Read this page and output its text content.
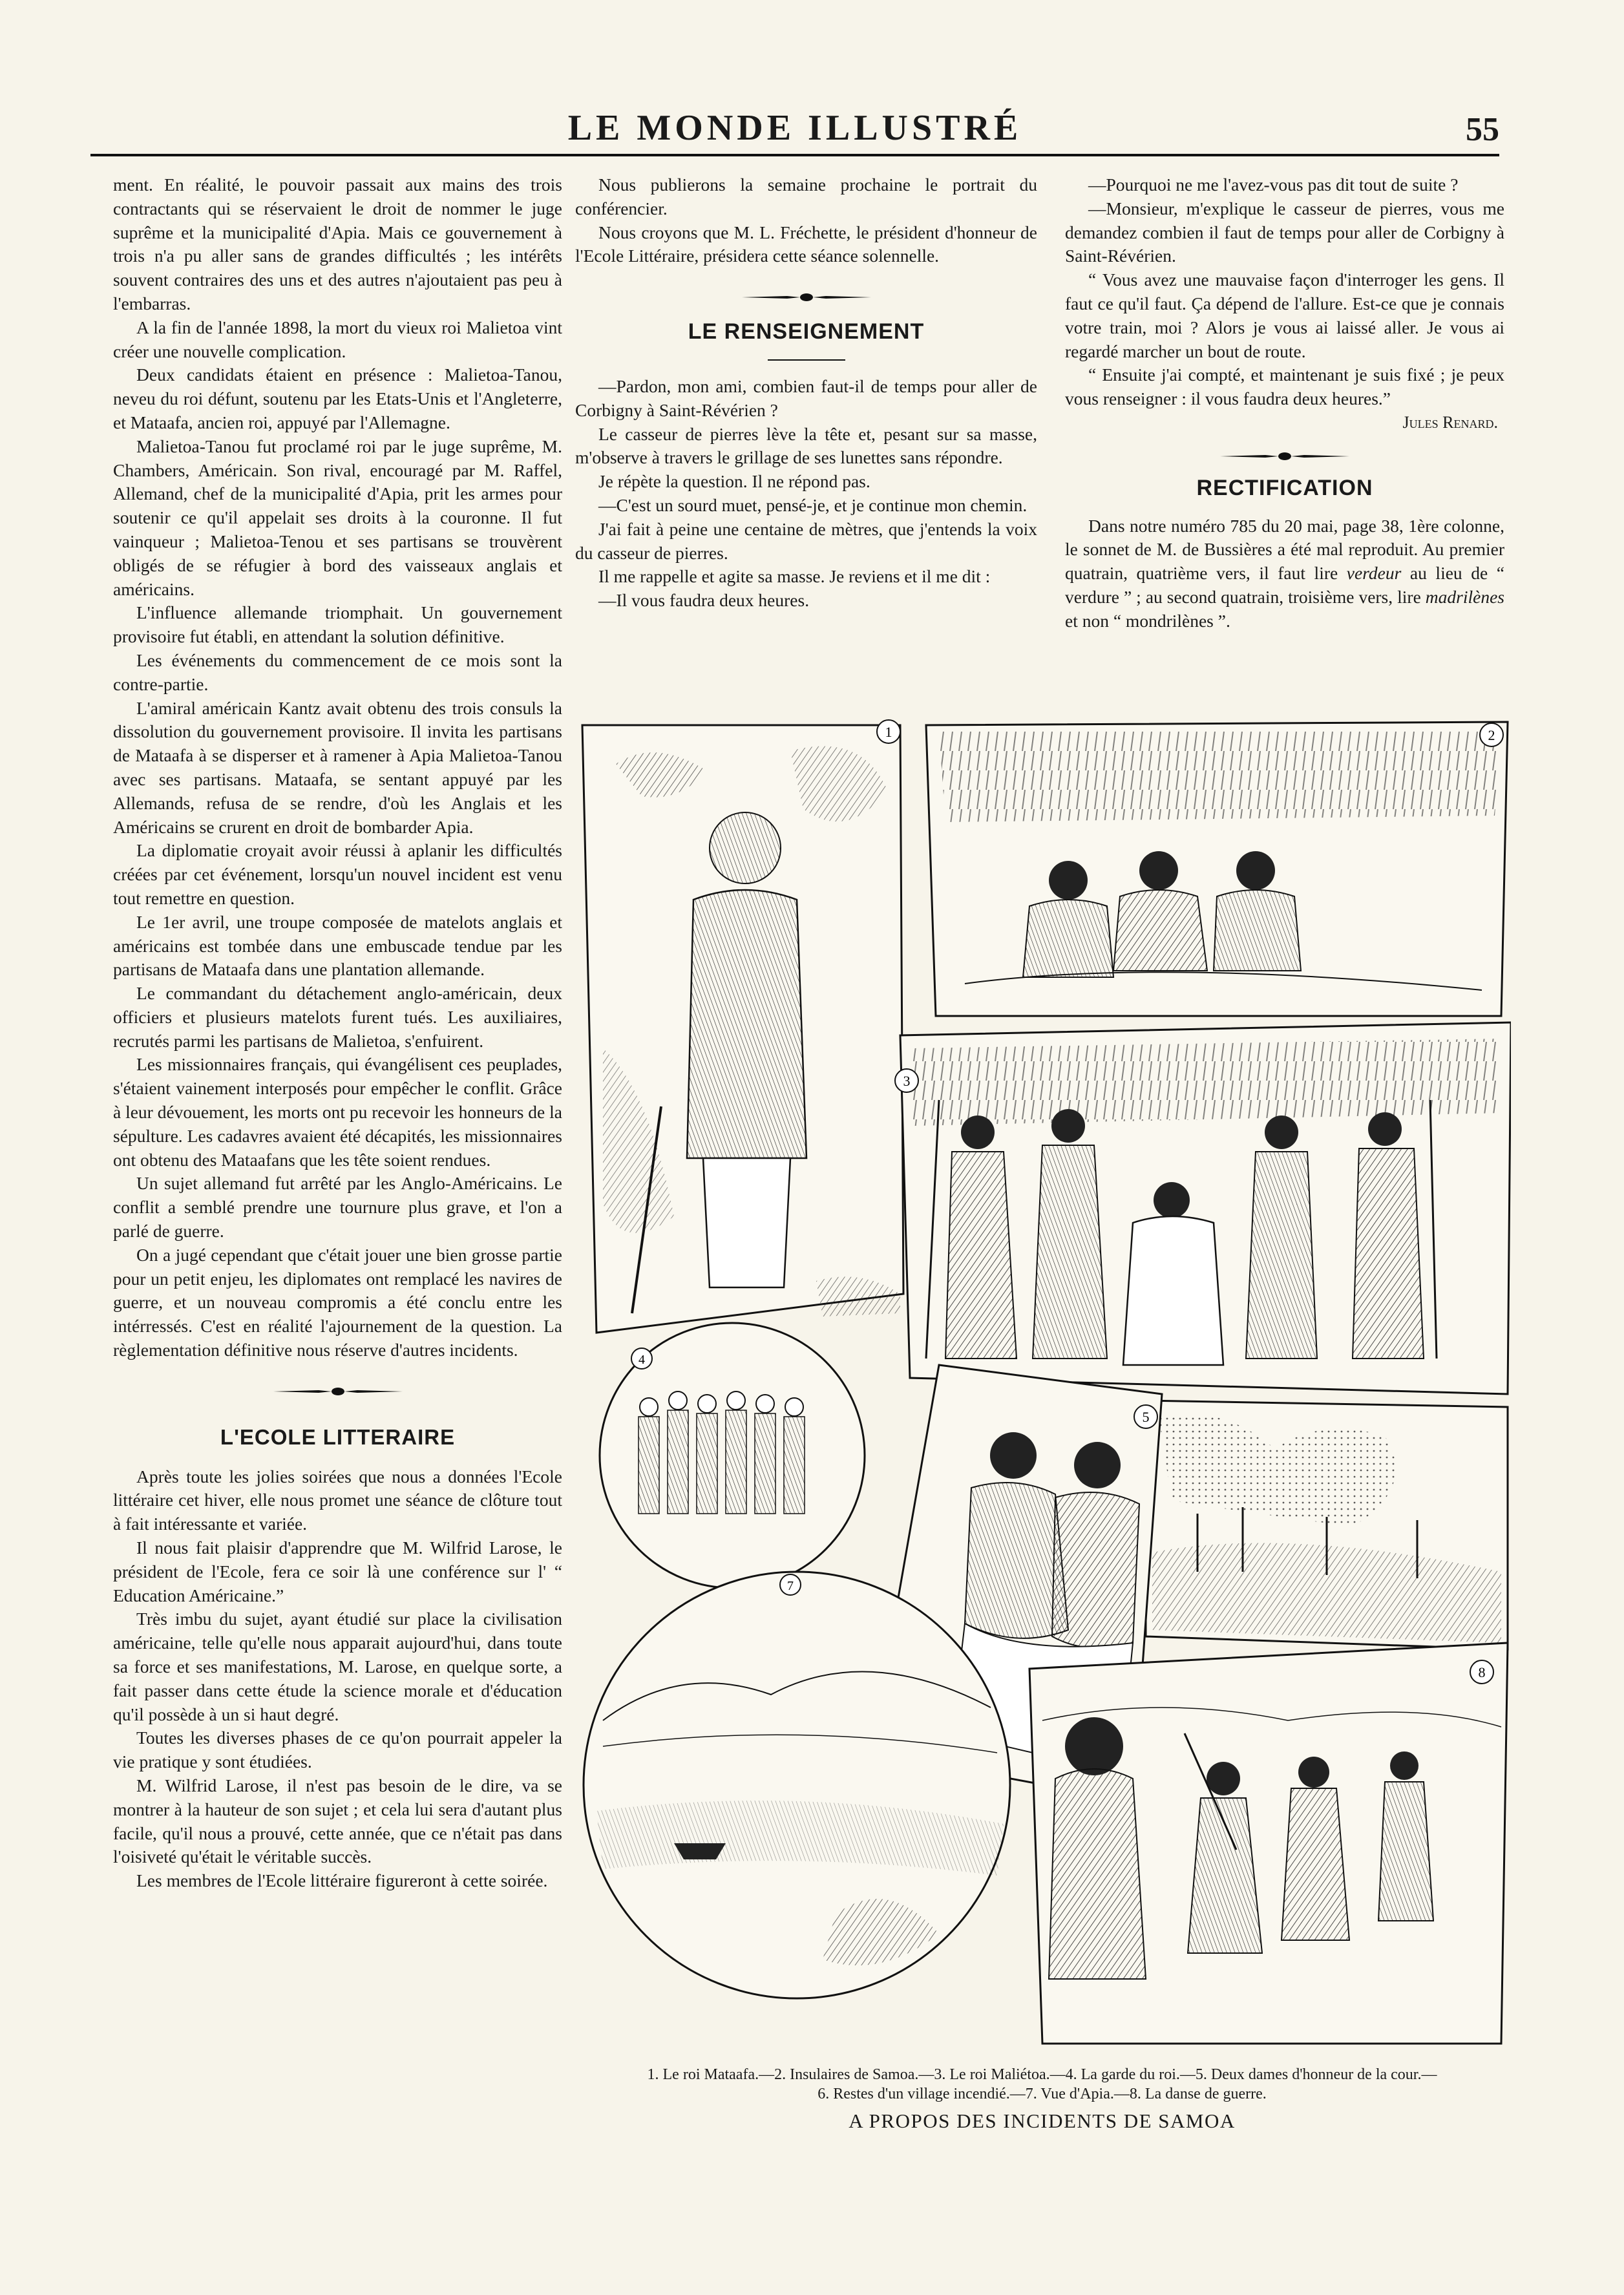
LE MONDE ILLUSTRÉ	55

ment. En réalité, le pouvoir passait aux mains des trois contractants qui se réservaient le droit de nommer le juge suprême et la municipalité d'Apia. Mais ce gouvernement à trois n'a pu aller sans de grandes difficultés ; les intérêts souvent contraires des uns et des autres n'ajoutaient pas peu à l'embarras.

A la fin de l'année 1898, la mort du vieux roi Malietoa vint créer une nouvelle complication.

Deux candidats étaient en présence : Malietoa-Tanou, neveu du roi défunt, soutenu par les Etats-Unis et l'Angleterre, et Mataafa, ancien roi, appuyé par l'Allemagne.

Malietoa-Tanou fut proclamé roi par le juge suprême, M. Chambers, Américain. Son rival, encouragé par M. Raffel, Allemand, chef de la municipalité d'Apia, prit les armes pour soutenir ce qu'il appelait ses droits à la couronne. Il fut vainqueur ; Malietoa-Tenou et ses partisans se trouvèrent obligés de se réfugier à bord des vaisseaux anglais et américains.

L'influence allemande triomphait. Un gouvernement provisoire fut établi, en attendant la solution définitive.

Les événements du commencement de ce mois sont la contre-partie.

L'amiral américain Kantz avait obtenu des trois consuls la dissolution du gouvernement provisoire. Il invita les partisans de Mataafa à se disperser et à ramener à Apia Malietoa-Tanou avec ses partisans. Mataafa, se sentant appuyé par les Allemands, refusa de se rendre, d'où les Anglais et les Américains se crurent en droit de bombarder Apia.

La diplomatie croyait avoir réussi à aplanir les difficultés créées par cet événement, lorsqu'un nouvel incident est venu tout remettre en question.

Le 1er avril, une troupe composée de matelots anglais et américains est tombée dans une embuscade tendue par les partisans de Mataafa dans une plantation allemande.

Le commandant du détachement anglo-américain, deux officiers et plusieurs matelots furent tués. Les auxiliaires, recrutés parmi les partisans de Malietoa, s'enfuirent.

Les missionnaires français, qui évangélisent ces peuplades, s'étaient vainement interposés pour empêcher le conflit. Grâce à leur dévouement, les morts ont pu recevoir les honneurs de la sépulture. Les cadavres avaient été décapités, les missionnaires ont obtenu des Mataafans que les tête soient rendues.

Un sujet allemand fut arrêté par les Anglo-Américains. Le conflit a semblé prendre une tournure plus grave, et l'on a parlé de guerre.

On a jugé cependant que c'était jouer une bien grosse partie pour un petit enjeu, les diplomates ont remplacé les navires de guerre, et un nouveau compromis a été conclu entre les intérressés. C'est en réalité l'ajournement de la question. La règlementation définitive nous réserve d'autres incidents.

L'ECOLE LITTERAIRE

Après toute les jolies soirées que nous a données l'Ecole littéraire cet hiver, elle nous promet une séance de clôture tout à fait intéressante et variée.

Il nous fait plaisir d'apprendre que M. Wilfrid Larose, le président de l'Ecole, fera ce soir là une conférence sur l' “ Education Américaine.”

Très imbu du sujet, ayant étudié sur place la civilisation américaine, telle qu'elle nous apparait aujourd'hui, dans toute sa force et ses manifestations, M. Larose, en quelque sorte, a fait passer dans cette étude la science morale et d'éducation qu'il possède à un si haut degré.

Toutes les diverses phases de ce qu'on pourrait appeler la vie pratique y sont étudiées.

M. Wilfrid Larose, il n'est pas besoin de le dire, va se montrer à la hauteur de son sujet ; et cela lui sera d'autant plus facile, qu'il nous a prouvé, cette année, que ce n'était pas dans l'oisiveté qu'était le véritable succès.

Les membres de l'Ecole littéraire figureront à cette soirée.

Nous publierons la semaine prochaine le portrait du conférencier.

Nous croyons que M. L. Fréchette, le président d'honneur de l'Ecole Littéraire, présidera cette séance solennelle.

LE RENSEIGNEMENT

—Pardon, mon ami, combien faut-il de temps pour aller de Corbigny à Saint-Révérien ?

Le casseur de pierres lève la tête et, pesant sur sa masse, m'observe à travers le grillage de ses lunettes sans répondre.

Je répète la question. Il ne répond pas.

—C'est un sourd muet, pensé-je, et je continue mon chemin.

J'ai fait à peine une centaine de mètres, que j'entends la voix du casseur de pierres.

Il me rappelle et agite sa masse. Je reviens et il me dit :

—Il vous faudra deux heures.

—Pourquoi ne me l'avez-vous pas dit tout de suite ?

—Monsieur, m'explique le casseur de pierres, vous me demandez combien il faut de temps pour aller de Corbigny à Saint-Révérien.

“ Vous avez une mauvaise façon d'interroger les gens. Il faut ce qu'il faut. Ça dépend de l'allure. Est-ce que je connais votre train, moi ? Alors je vous ai laissé aller. Je vous ai regardé marcher un bout de route.

“ Ensuite j'ai compté, et maintenant je suis fixé ; je peux vous renseigner : il vous faudra deux heures.”

Jules Renard.

RECTIFICATION

Dans notre numéro 785 du 20 mai, page 38, 1ère colonne, le sonnet de M. de Bussières a été mal reproduit. Au premier quatrain, quatrième vers, il faut lire verdeur au lieu de “ verdure ” ; au second quatrain, troisième vers, lire madrilènes et non “ mondrilènes ”.

1	2
3
4
5
7
8
1. Le roi Mataafa.—2. Insulaires de Samoa.—3. Le roi Maliétoa.—4. La garde du roi.—5. Deux dames d'honneur de la cour.—
6. Restes d'un village incendié.—7. Vue d'Apia.—8. La danse de guerre.
A PROPOS DES INCIDENTS DE SAMOA
